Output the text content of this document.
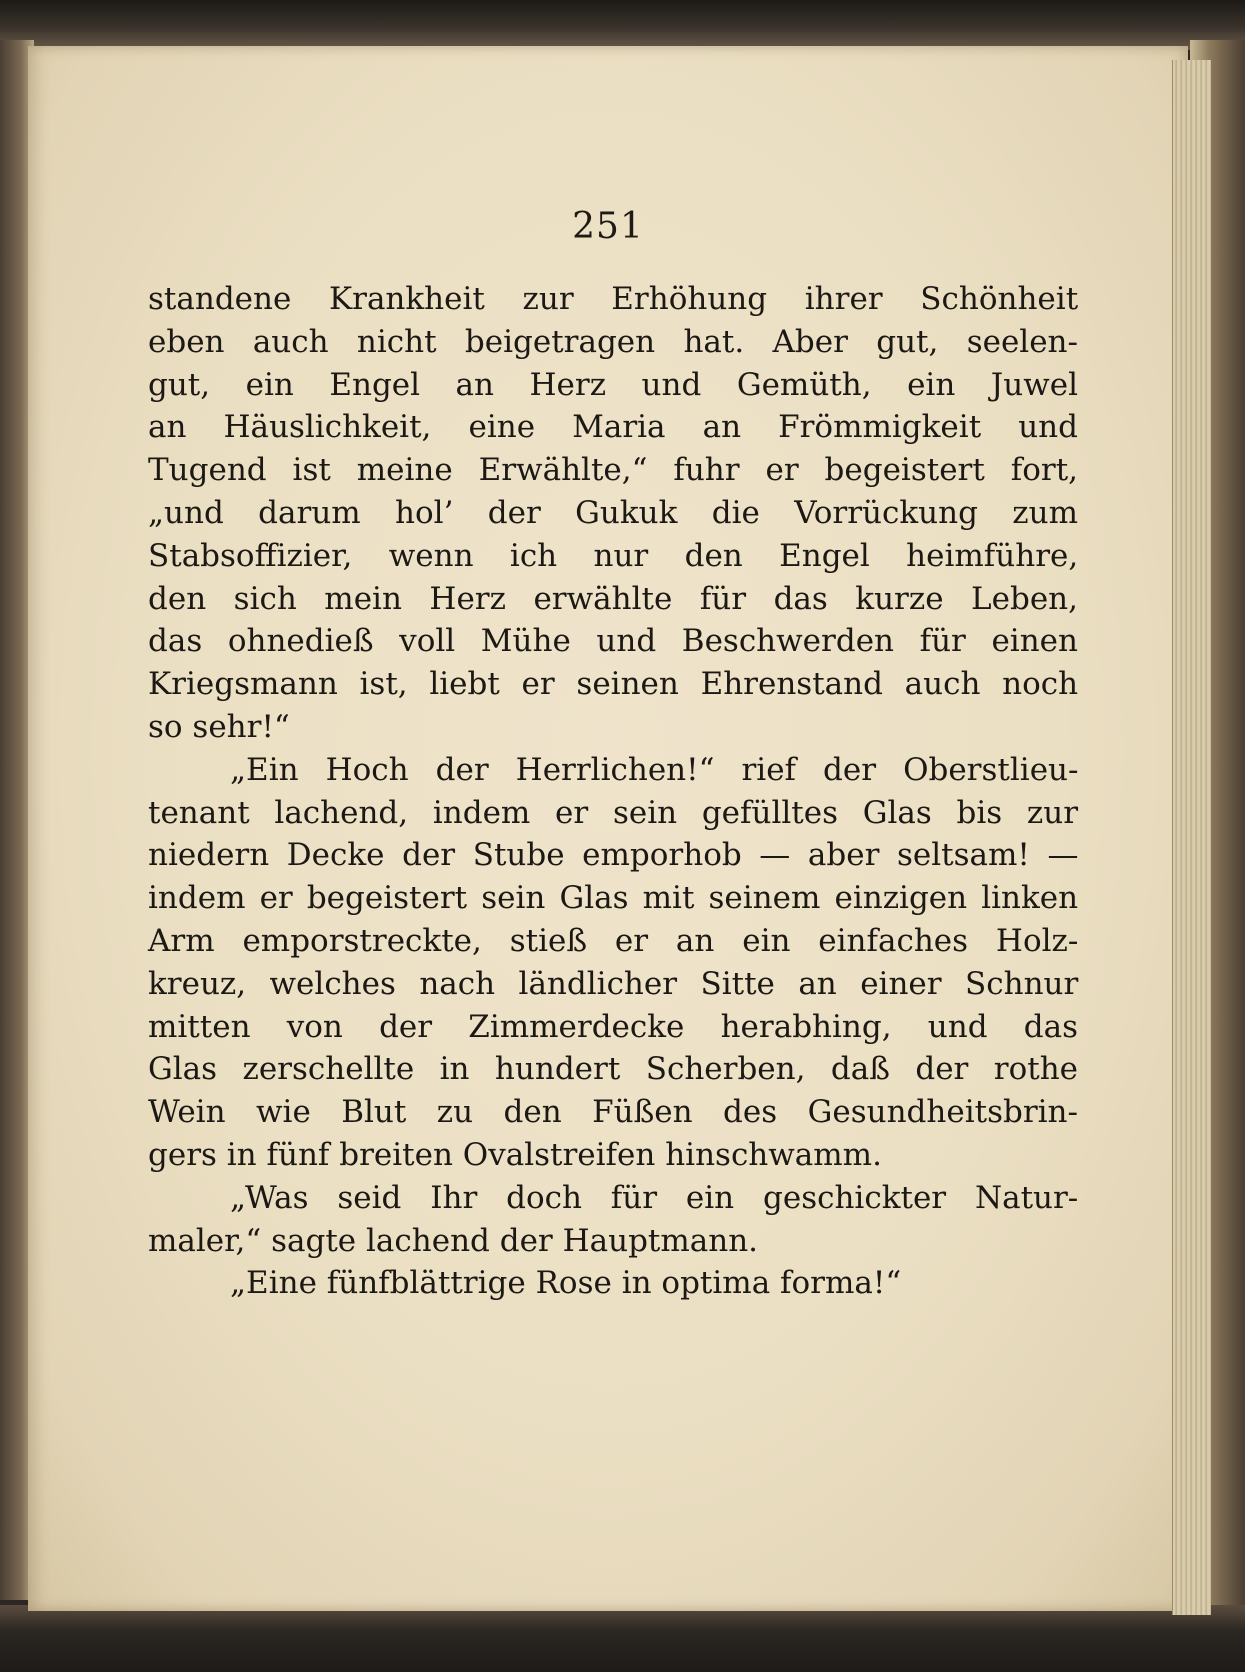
251
standene Krankheit zur Erhöhung ihrer Schönheit
eben auch nicht beigetragen hat. Aber gut, seelen-
gut, ein Engel an Herz und Gemüth, ein Juwel
an Häuslichkeit, eine Maria an Frömmigkeit und
Tugend ist meine Erwählte,“ fuhr er begeistert fort,
„und darum hol’ der Gukuk die Vorrückung zum
Stabsoffizier, wenn ich nur den Engel heimführe,
den sich mein Herz erwählte für das kurze Leben,
das ohnedieß voll Mühe und Beschwerden für einen
Kriegsmann ist, liebt er seinen Ehrenstand auch noch
so sehr!“
„Ein Hoch der Herrlichen!“ rief der Oberstlieu-
tenant lachend, indem er sein gefülltes Glas bis zur
niedern Decke der Stube emporhob — aber seltsam! —
indem er begeistert sein Glas mit seinem einzigen linken
Arm emporstreckte, stieß er an ein einfaches Holz-
kreuz, welches nach ländlicher Sitte an einer Schnur
mitten von der Zimmerdecke herabhing, und das
Glas zerschellte in hundert Scherben, daß der rothe
Wein wie Blut zu den Füßen des Gesundheitsbrin-
gers in fünf breiten Ovalstreifen hinschwamm.
„Was seid Ihr doch für ein geschickter Natur-
maler,“ sagte lachend der Hauptmann.
„Eine fünfblättrige Rose in optima forma!“
